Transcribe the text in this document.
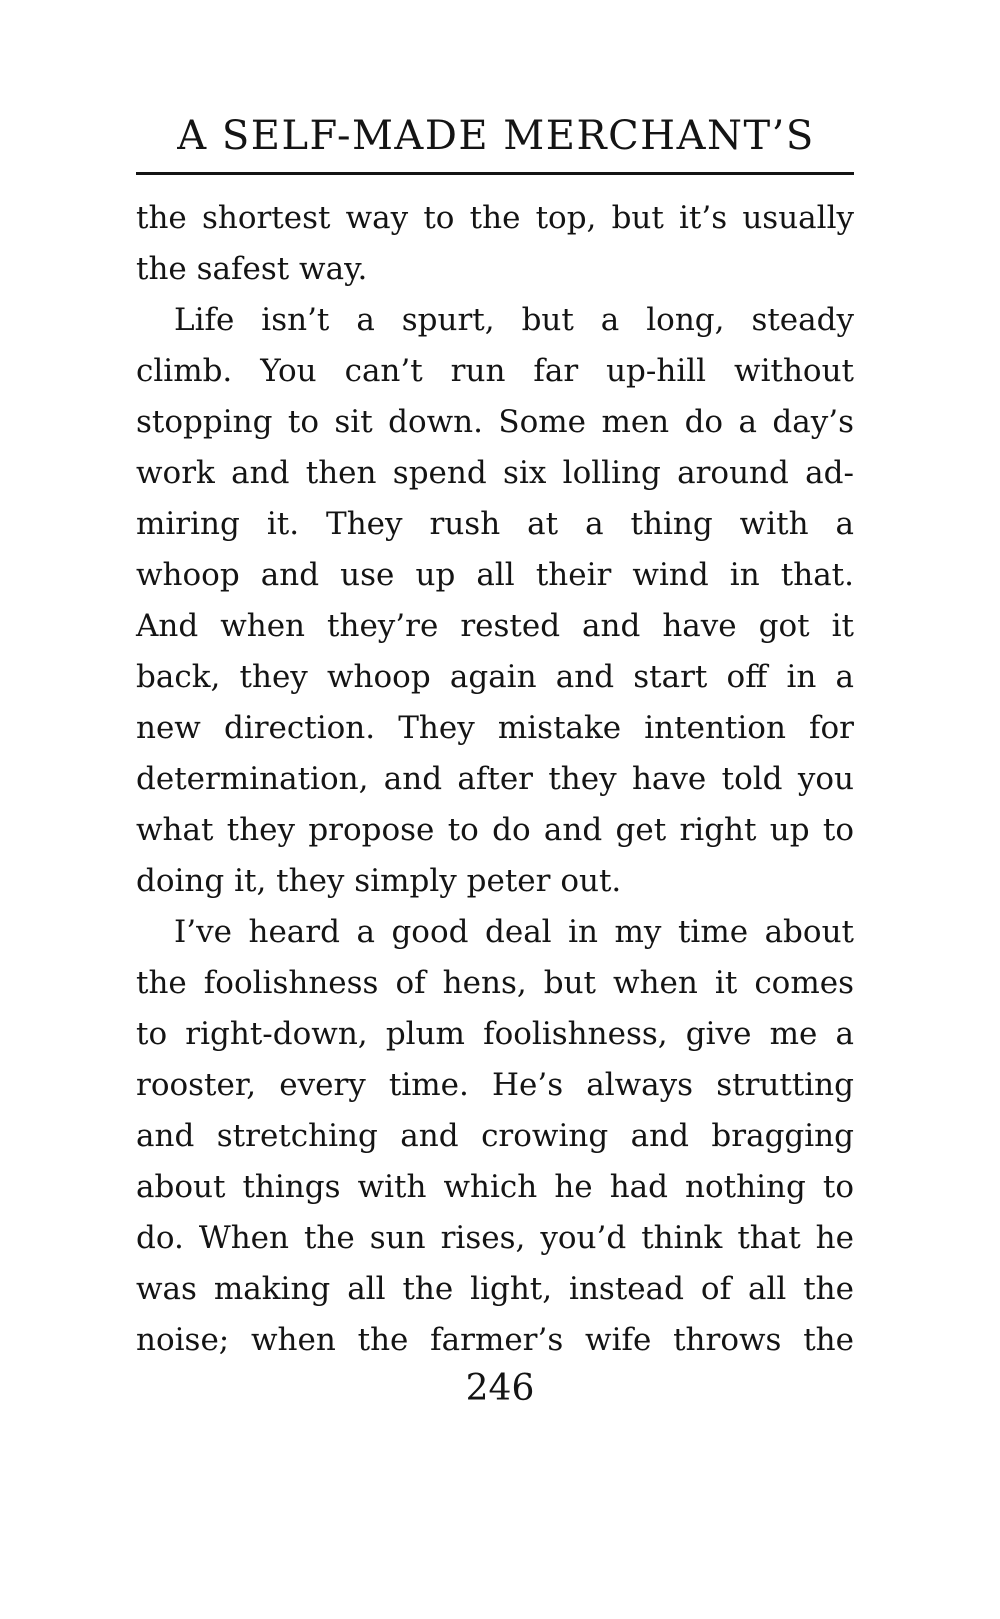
A SELF-MADE MERCHANT’S
the shortest way to the top, but it’s usually
the safest way.
Life isn’t a spurt, but a long, steady
climb. You can’t run far up-hill without
stopping to sit down. Some men do a day’s
work and then spend six lolling around ad-
miring it. They rush at a thing with a
whoop and use up all their wind in that.
And when they’re rested and have got it
back, they whoop again and start off in a
new direction. They mistake intention for
determination, and after they have told you
what they propose to do and get right up to
doing it, they simply peter out.
I’ve heard a good deal in my time about
the foolishness of hens, but when it comes
to right-down, plum foolishness, give me a
rooster, every time. He’s always strutting
and stretching and crowing and bragging
about things with which he had nothing to
do. When the sun rises, you’d think that he
was making all the light, instead of all the
noise; when the farmer’s wife throws the
246
